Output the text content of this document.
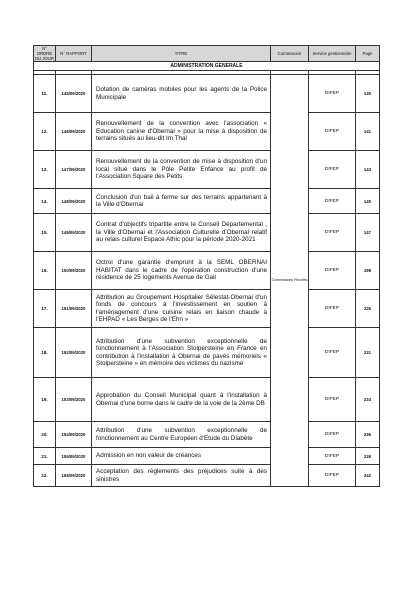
N° ORDRE DU JOUR	N° RAPPORT	TITRE	Commission	Service gestionnaire	Page
ADMINISTRATION GENERALE					

11.	145/09/2020	Dotation de caméras mobiles pour les agents de la Police Municipale	Commissions Réunies	DIFEP	135
12.	146/09/2020	Renouvellement de la convention avec l'association « Education canine d'Obernai » pour la mise à disposition de terrains situés au lieu-dit Im Thal		DIFEP	141
13.	147/09/2020	Renouvellement de la convention de mise à disposition d'un local situé dans le Pôle Petite Enfance au profit de l'Association Square des Petits		DIFEP	143
14.	148/09/2020	Conclusion d'un bail à ferme sur des terrains appartenant à la Ville d'Obernai		DIFEP	145
15.	149/09/2020	Contrat d'objectifs tripartite entre le Conseil Départemental , la Ville d'Obernai et l'Association Culturelle d'Obernai relatif au relais culturel Espace Athic pour la période 2020-2021		DIFEP	147
16.	150/09/2020	Octroi d'une garantie d'emprunt à la SEML OBERNAI HABITAT dans le cadre de l'opération construction d'une résidence de 25 logements Avenue de Gail		DIFEP	198
17.	151/09/2020	Attribution au Groupement Hospitalier Sélestat-Obernai d'un fonds de concours à l'investissement en soutien à l'aménagement d'une cuisine relais en liaison chaude à l'EHPAD « Les Berges de l'Ehn »		DIFEP	226
18.	152/09/2020	Attribution d'une subvention exceptionnelle de fonctionnement à l'Association Stolpersteine en France en contribution à l'installation à Obernai de pavés mémoriels « Stolpersteine » en mémoire des victimes du nazisme		DIFEP	231
19.	153/09/2020	Approbation du Conseil Municipal quant à l'installation à Obernai d'une borne dans le cadre de la voie de la 2ème DB		DIFEP	234
20.	154/09/2020	Attribution d'une subvention exceptionnelle de fonctionnement au Centre Européen d'Etude du Diabète		DIFEP	236
21.	155/09/2020	Admission en non valeur de créances		DIFEP	239
22.	156/09/2020	Acceptation des règlements des préjudices suite à des sinistres		DIFEP	242
